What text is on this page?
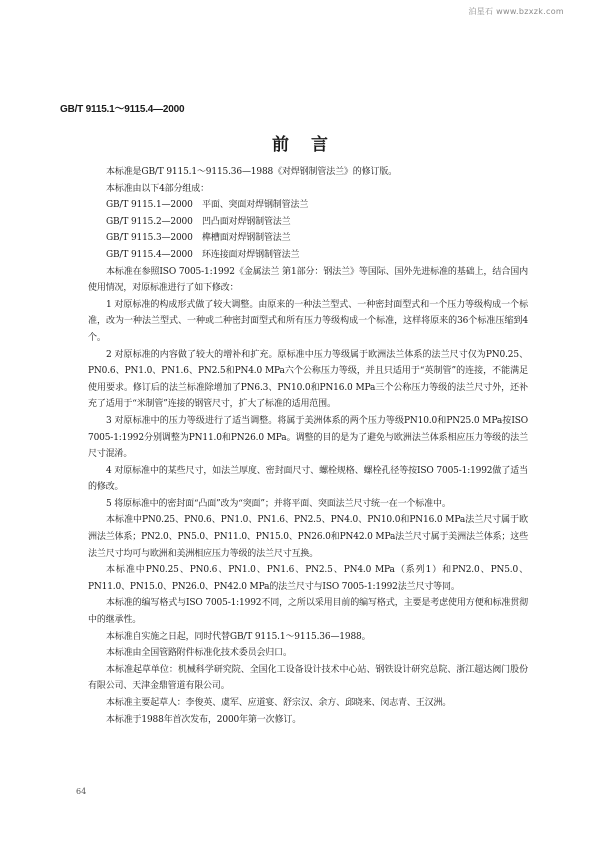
泊星石 www.bzxzk.com
GB/T 9115.1～9115.4—2000
前言

本标准是GB/T 9115.1～9115.36—1988《对焊钢制管法兰》的修订版。

本标准由以下4部分组成：

GB/T 9115.1—2000 平面、突面对焊钢制管法兰
GB/T 9115.2—2000 凹凸面对焊钢制管法兰
GB/T 9115.3—2000 榫槽面对焊钢制管法兰
GB/T 9115.4—2000 环连接面对焊钢制管法兰

本标准在参照ISO 7005-1:1992《金属法兰 第1部分：钢法兰》等国际、国外先进标准的基础上，结合国内使用情况，对原标准进行了如下修改：

1 对原标准的构成形式做了较大调整。由原来的一种法兰型式、一种密封面型式和一个压力等级构成一个标准，改为一种法兰型式、一种或二种密封面型式和所有压力等级构成一个标准，这样将原来的36个标准压缩到4个。

2 对原标准的内容做了较大的增补和扩充。原标准中压力等级属于欧洲法兰体系的法兰尺寸仅为PN0.25、PN0.6、PN1.0、PN1.6、PN2.5和PN4.0 MPa六个公称压力等级，并且只适用于“英制管”的连接，不能满足使用要求。修订后的法兰标准除增加了PN6.3、PN10.0和PN16.0 MPa三个公称压力等级的法兰尺寸外，还补充了适用于“米制管”连接的钢管尺寸，扩大了标准的适用范围。

3 对原标准中的压力等级进行了适当调整。将属于美洲体系的两个压力等级PN10.0和PN25.0 MPa按ISO 7005-1:1992分别调整为PN11.0和PN26.0 MPa。调整的目的是为了避免与欧洲法兰体系相应压力等级的法兰尺寸混淆。

4 对原标准中的某些尺寸，如法兰厚度、密封面尺寸、螺栓规格、螺栓孔径等按ISO 7005-1:1992做了适当的修改。

5 将原标准中的密封面“凸面”改为“突面”；并将平面、突面法兰尺寸统一在一个标准中。

本标准中PN0.25、PN0.6、PN1.0、PN1.6、PN2.5、PN4.0、PN10.0和PN16.0 MPa法兰尺寸属于欧洲法兰体系；PN2.0、PN5.0、PN11.0、PN15.0、PN26.0和PN42.0 MPa法兰尺寸属于美洲法兰体系；这些法兰尺寸均可与欧洲和美洲相应压力等级的法兰尺寸互换。

本标准中PN0.25、PN0.6、PN1.0、PN1.6、PN2.5、PN4.0 MPa（系列1）和PN2.0、PN5.0、PN11.0、PN15.0、PN26.0、PN42.0 MPa的法兰尺寸与ISO 7005-1:1992法兰尺寸等同。

本标准的编写格式与ISO 7005-1:1992不同，之所以采用目前的编写格式，主要是考虑使用方便和标准贯彻中的继承性。

本标准自实施之日起，同时代替GB/T 9115.1～9115.36—1988。

本标准由全国管路附件标准化技术委员会归口。

本标准起草单位：机械科学研究院、全国化工设备设计技术中心站、钢铁设计研究总院、浙江超达阀门股份有限公司、天津金鼎管道有限公司。

本标准主要起草人：李俊英、虞军、应道宴、舒宗汉、余方、邱晓来、闵志青、王汉洲。

本标准于1988年首次发布，2000年第一次修订。

64
